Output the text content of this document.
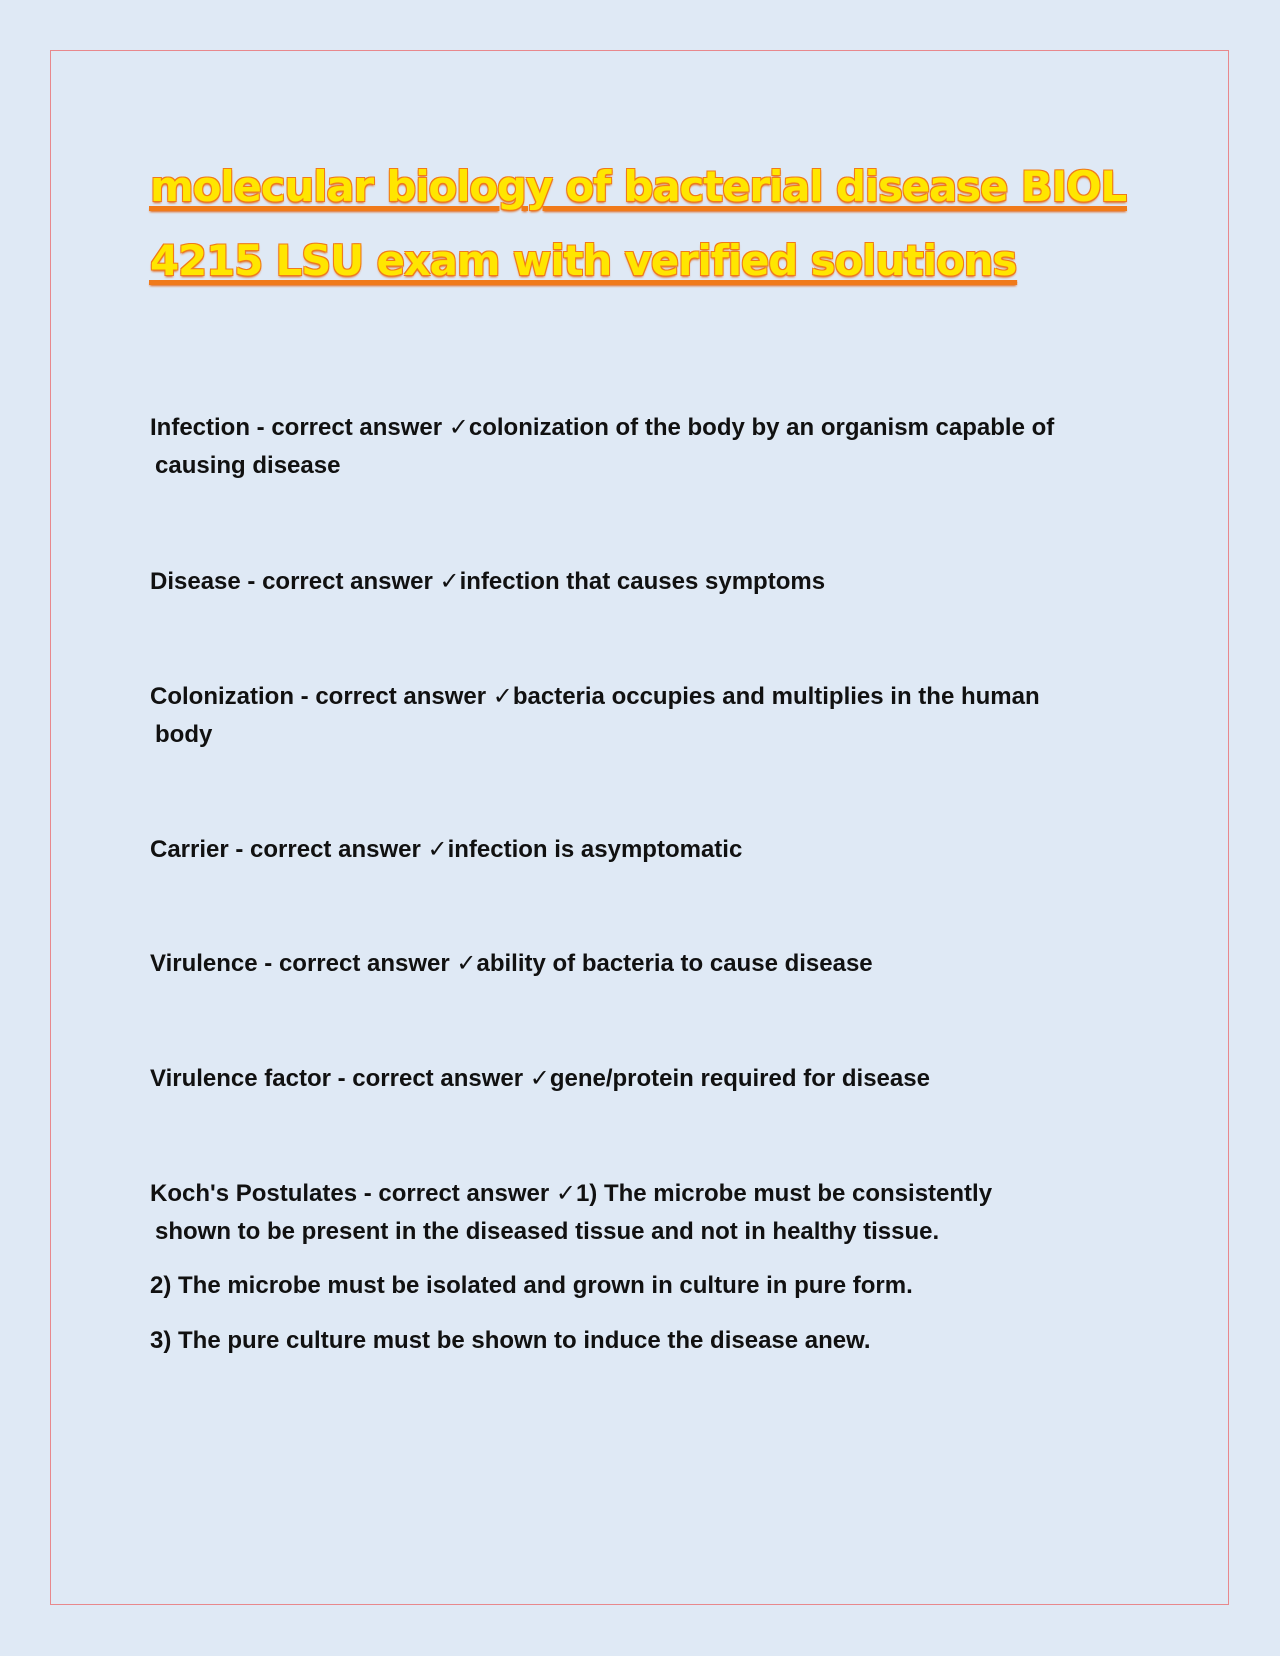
molecular biology of bacterial disease BIOL 4215 LSU exam with verified solutions

Infection - correct answer ✓colonization of the body by an organism capable of
causing disease

Disease - correct answer ✓infection that causes symptoms

Colonization - correct answer ✓bacteria occupies and multiplies in the human
body

Carrier - correct answer ✓infection is asymptomatic

Virulence - correct answer ✓ability of bacteria to cause disease

Virulence factor - correct answer ✓gene/protein required for disease

Koch's Postulates - correct answer ✓1) The microbe must be consistently
shown to be present in the diseased tissue and not in healthy tissue.

2) The microbe must be isolated and grown in culture in pure form.

3) The pure culture must be shown to induce the disease anew.
